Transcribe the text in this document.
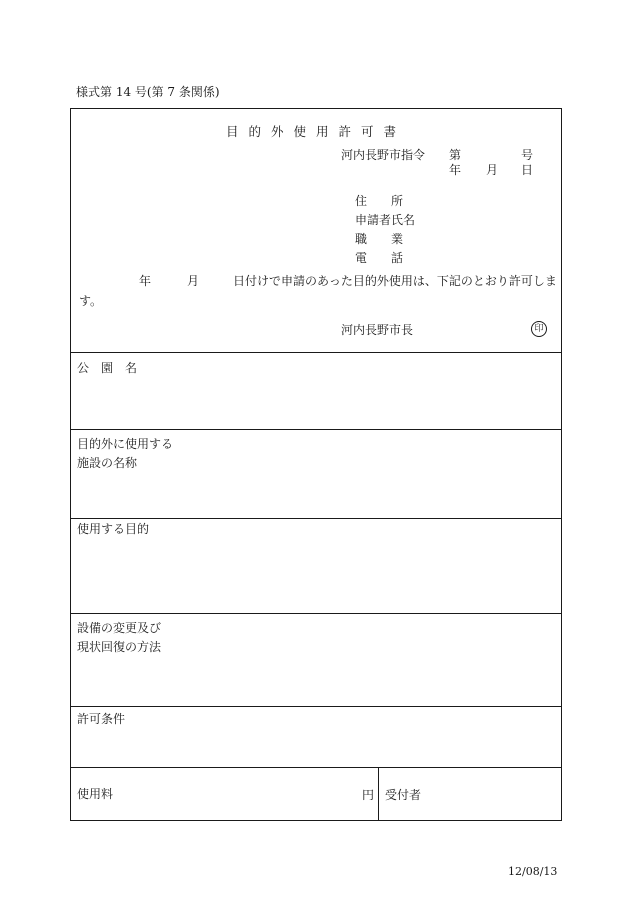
様式第 14 号(第 7 条関係)
目的外使用許可書
河内長野市指令 第	号
年 月 日
住　　所
申請者氏名
職　　業
電　　話
年	月	日付けで申請のあった目的外使用は、下記のとおり許可しま
す。
河内長野市長	印
公　園　名
目的外に使用する
施設の名称
使用する目的
設備の変更及び
現状回復の方法
許可条件
使用料	円 受付者
12/08/13
